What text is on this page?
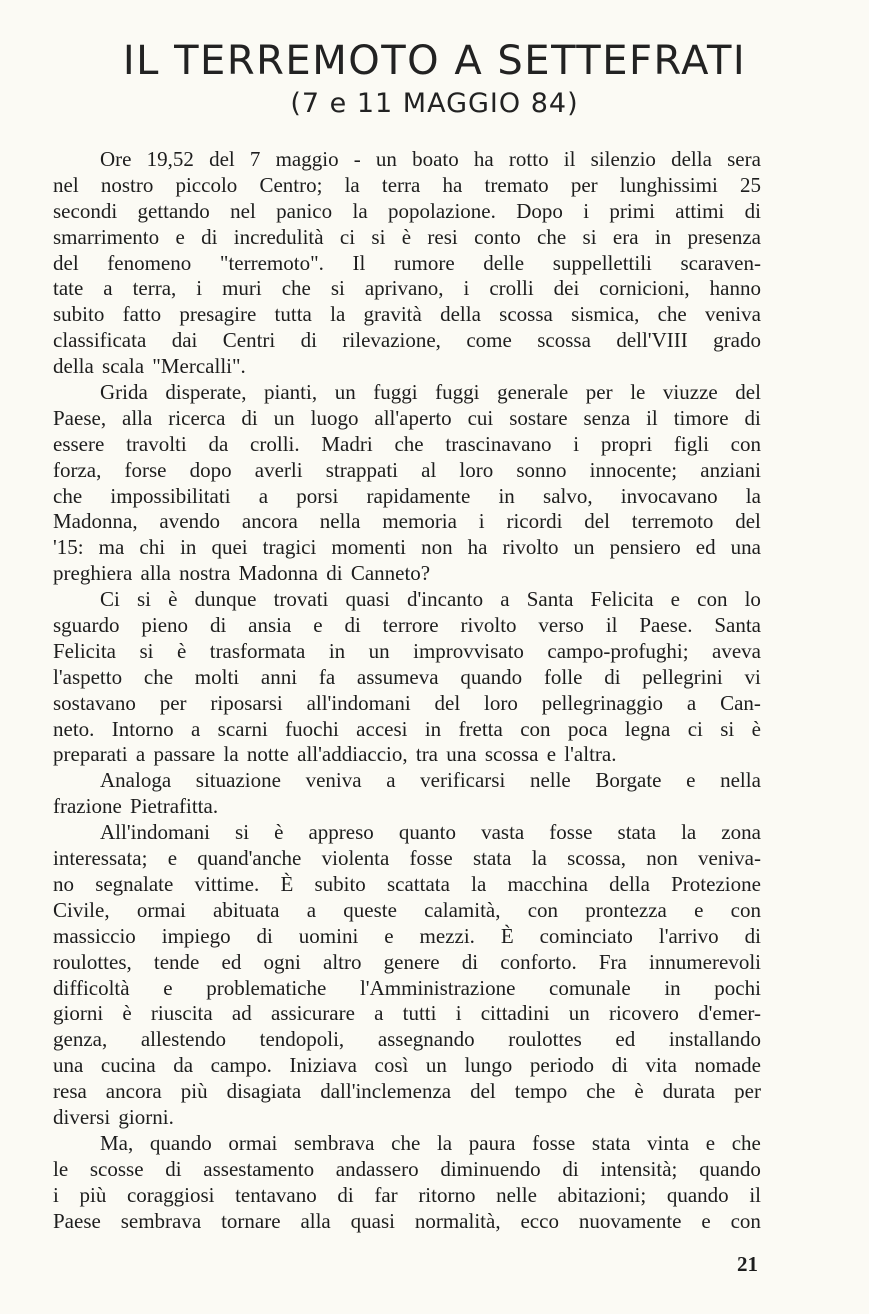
IL TERREMOTO A SETTEFRATI
(7 e 11 MAGGIO 84)
Ore 19,52 del 7 maggio - un boato ha rotto il silenzio della sera
nel nostro piccolo Centro; la terra ha tremato per lunghissimi 25
secondi gettando nel panico la popolazione. Dopo i primi attimi di
smarrimento e di incredulità ci si è resi conto che si era in presenza
del fenomeno "terremoto". Il rumore delle suppellettili scaraven-
tate a terra, i muri che si aprivano, i crolli dei cornicioni, hanno
subito fatto presagire tutta la gravità della scossa sismica, che veniva
classificata dai Centri di rilevazione, come scossa dell'VIII grado
della scala "Mercalli".
Grida disperate, pianti, un fuggi fuggi generale per le viuzze del
Paese, alla ricerca di un luogo all'aperto cui sostare senza il timore di
essere travolti da crolli. Madri che trascinavano i propri figli con
forza, forse dopo averli strappati al loro sonno innocente; anziani
che impossibilitati a porsi rapidamente in salvo, invocavano la
Madonna, avendo ancora nella memoria i ricordi del terremoto del
'15: ma chi in quei tragici momenti non ha rivolto un pensiero ed una
preghiera alla nostra Madonna di Canneto?
Ci si è dunque trovati quasi d'incanto a Santa Felicita e con lo
sguardo pieno di ansia e di terrore rivolto verso il Paese. Santa
Felicita si è trasformata in un improvvisato campo-profughi; aveva
l'aspetto che molti anni fa assumeva quando folle di pellegrini vi
sostavano per riposarsi all'indomani del loro pellegrinaggio a Can-
neto. Intorno a scarni fuochi accesi in fretta con poca legna ci si è
preparati a passare la notte all'addiaccio, tra una scossa e l'altra.
Analoga situazione veniva a verificarsi nelle Borgate e nella
frazione Pietrafitta.
All'indomani si è appreso quanto vasta fosse stata la zona
interessata; e quand'anche violenta fosse stata la scossa, non veniva-
no segnalate vittime. È subito scattata la macchina della Protezione
Civile, ormai abituata a queste calamità, con prontezza e con
massiccio impiego di uomini e mezzi. È cominciato l'arrivo di
roulottes, tende ed ogni altro genere di conforto. Fra innumerevoli
difficoltà e problematiche l'Amministrazione comunale in pochi
giorni è riuscita ad assicurare a tutti i cittadini un ricovero d'emer-
genza, allestendo tendopoli, assegnando roulottes ed installando
una cucina da campo. Iniziava così un lungo periodo di vita nomade
resa ancora più disagiata dall'inclemenza del tempo che è durata per
diversi giorni.
Ma, quando ormai sembrava che la paura fosse stata vinta e che
le scosse di assestamento andassero diminuendo di intensità; quando
i più coraggiosi tentavano di far ritorno nelle abitazioni; quando il
Paese sembrava tornare alla quasi normalità, ecco nuovamente e con
21
